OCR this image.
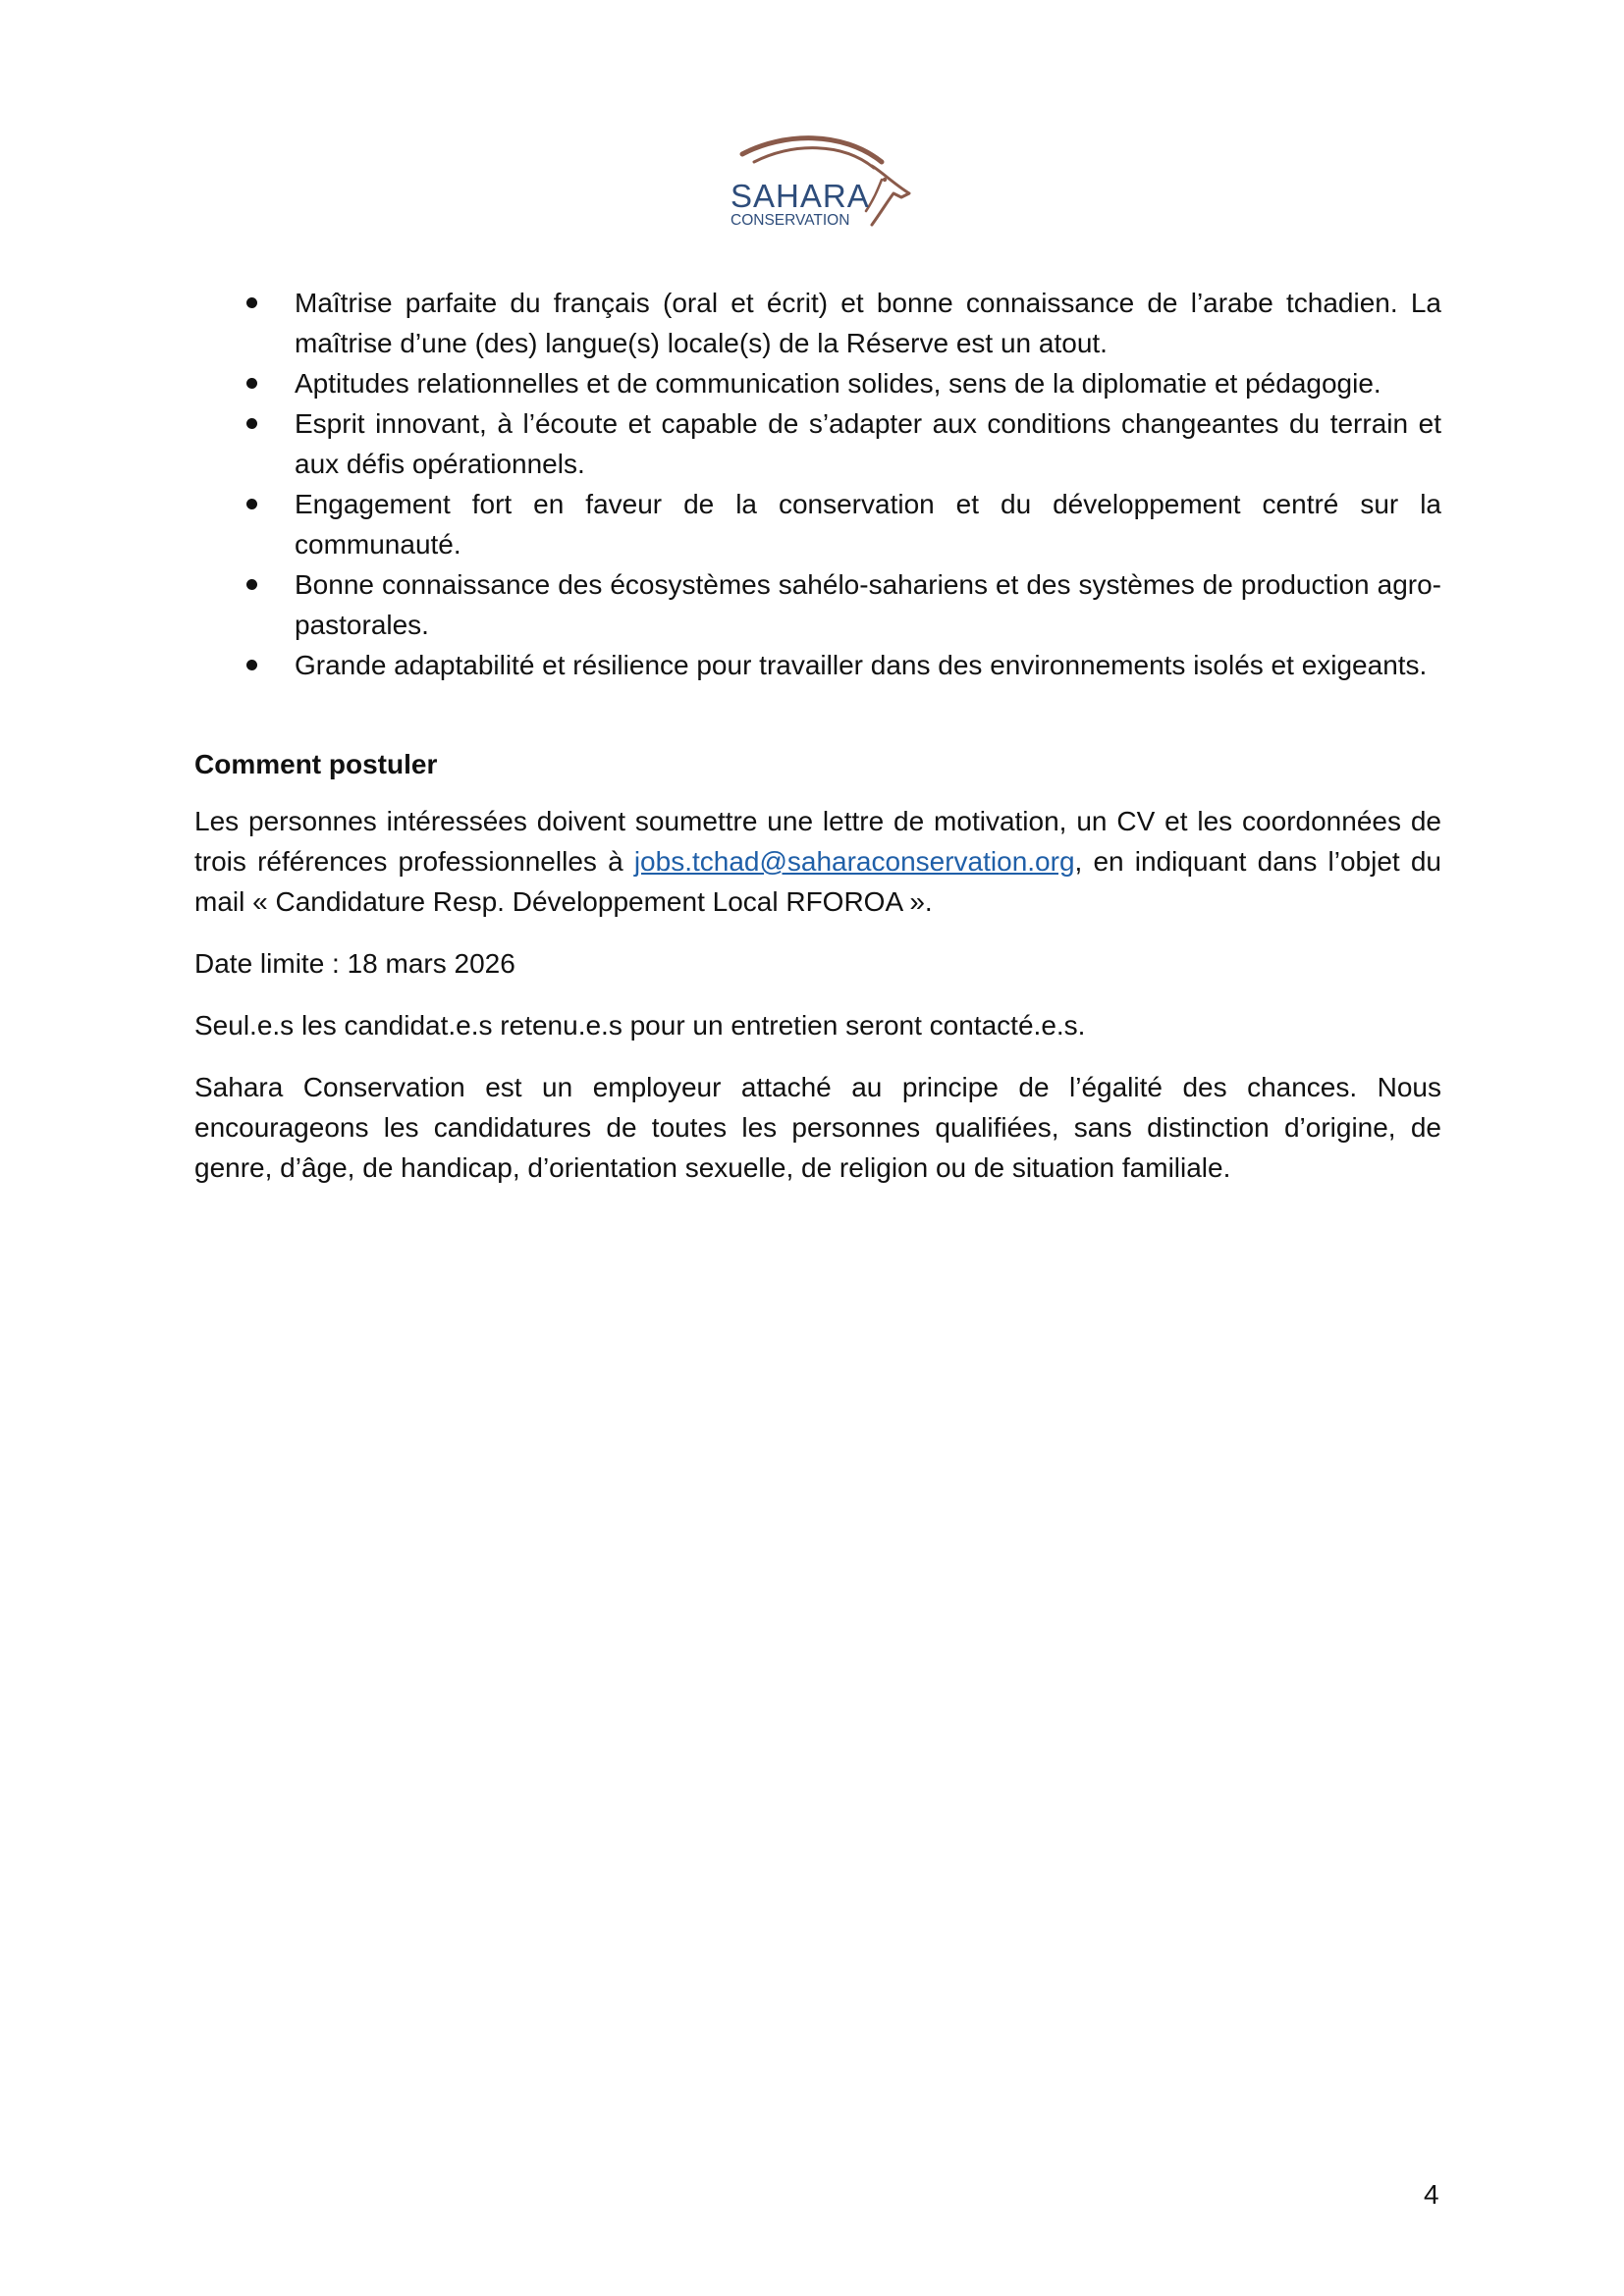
SAHARA
CONSERVATION
Maîtrise parfaite du français (oral et écrit) et bonne connaissance de l’arabe tchadien. La maîtrise d’une (des) langue(s) locale(s) de la Réserve est un atout.
Aptitudes relationnelles et de communication solides, sens de la diplomatie et pédagogie.
Esprit innovant, à l’écoute et capable de s’adapter aux conditions changeantes du terrain et aux défis opérationnels.
Engagement fort en faveur de la conservation et du développement centré sur la communauté.
Bonne connaissance des écosystèmes sahélo-sahariens et des systèmes de production agro-pastorales.
Grande adaptabilité et résilience pour travailler dans des environnements isolés et exigeants.
Comment postuler

Les personnes intéressées doivent soumettre une lettre de motivation, un CV et les coordonnées de trois références professionnelles à jobs.tchad@saharaconservation.org, en indiquant dans l’objet du mail « Candidature Resp. Développement Local RFOROA ».

Date limite : 18 mars 2026

Seul.e.s les candidat.e.s retenu.e.s pour un entretien seront contacté.e.s.

Sahara Conservation est un employeur attaché au principe de l’égalité des chances. Nous encourageons les candidatures de toutes les personnes qualifiées, sans distinction d’origine, de genre, d’âge, de handicap, d’orientation sexuelle, de religion ou de situation familiale.

4
